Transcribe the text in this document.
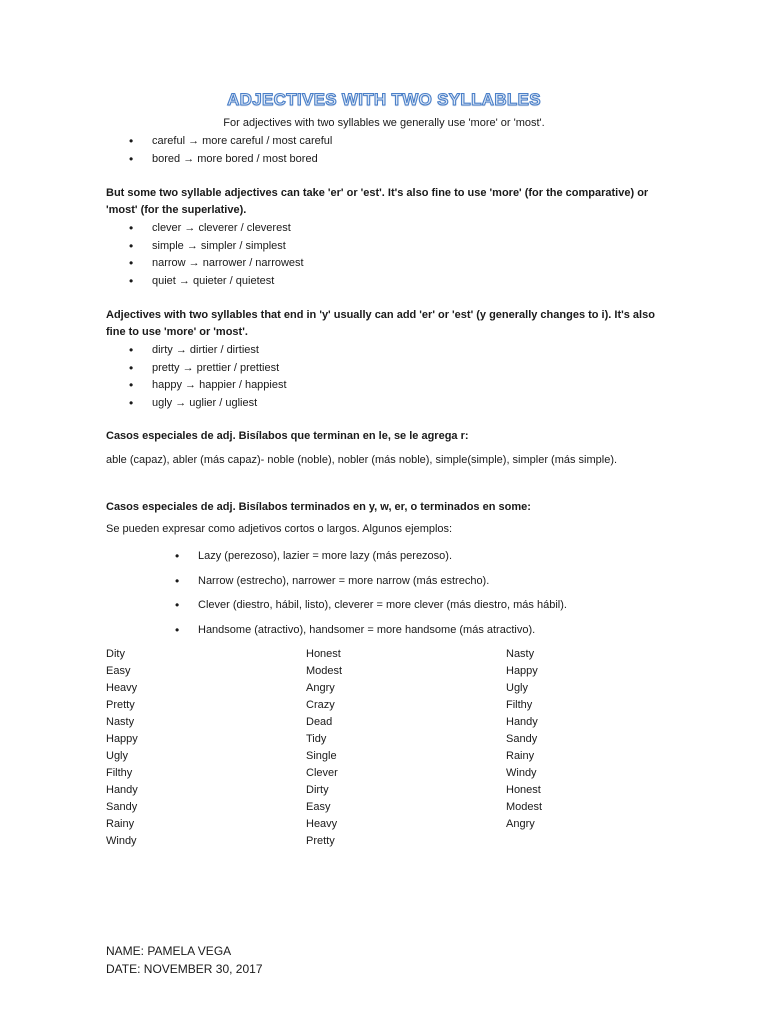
ADJECTIVES WITH TWO SYLLABLES
For adjectives with two syllables we generally use 'more' or 'most'.
• careful → more careful / most careful
• bored → more bored / most bored
But some two syllable adjectives can take 'er' or 'est'. It's also fine to use 'more' (for the comparative) or 'most' (for the superlative).
• clever → cleverer / cleverest
• simple → simpler / simplest
• narrow → narrower / narrowest
• quiet → quieter / quietest
Adjectives with two syllables that end in 'y' usually can add 'er' or 'est' (y generally changes to i). It's also fine to use 'more' or 'most'.
• dirty → dirtier / dirtiest
• pretty → prettier / prettiest
• happy → happier / happiest
• ugly → uglier / ugliest
Casos especiales de adj. Bisílabos que terminan en le, se le agrega r:
able (capaz), abler (más capaz)- noble (noble), nobler (más noble), simple(simple), simpler (más simple).
Casos especiales de adj. Bisílabos terminados en y, w, er, o terminados en some:
Se pueden expresar como adjetivos cortos o largos. Algunos ejemplos:
• Lazy (perezoso), lazier = more lazy (más perezoso).
• Narrow (estrecho), narrower = more narrow (más estrecho).
• Clever (diestro, hábil, listo), cleverer = more clever (más diestro, más hábil).
• Handsome (atractivo), handsomer = more handsome (más atractivo).
Dity
Easy
Heavy
Pretty
Nasty
Happy
Ugly
Filthy
Handy
Sandy
Rainy
Windy
Honest
Modest
Angry
Crazy
Dead
Tidy
Single
Clever
Dirty
Easy
Heavy
Pretty
Nasty
Happy
Ugly
Filthy
Handy
Sandy
Rainy
Windy
Honest
Modest
Angry
NAME: PAMELA VEGA
DATE: NOVEMBER 30, 2017
